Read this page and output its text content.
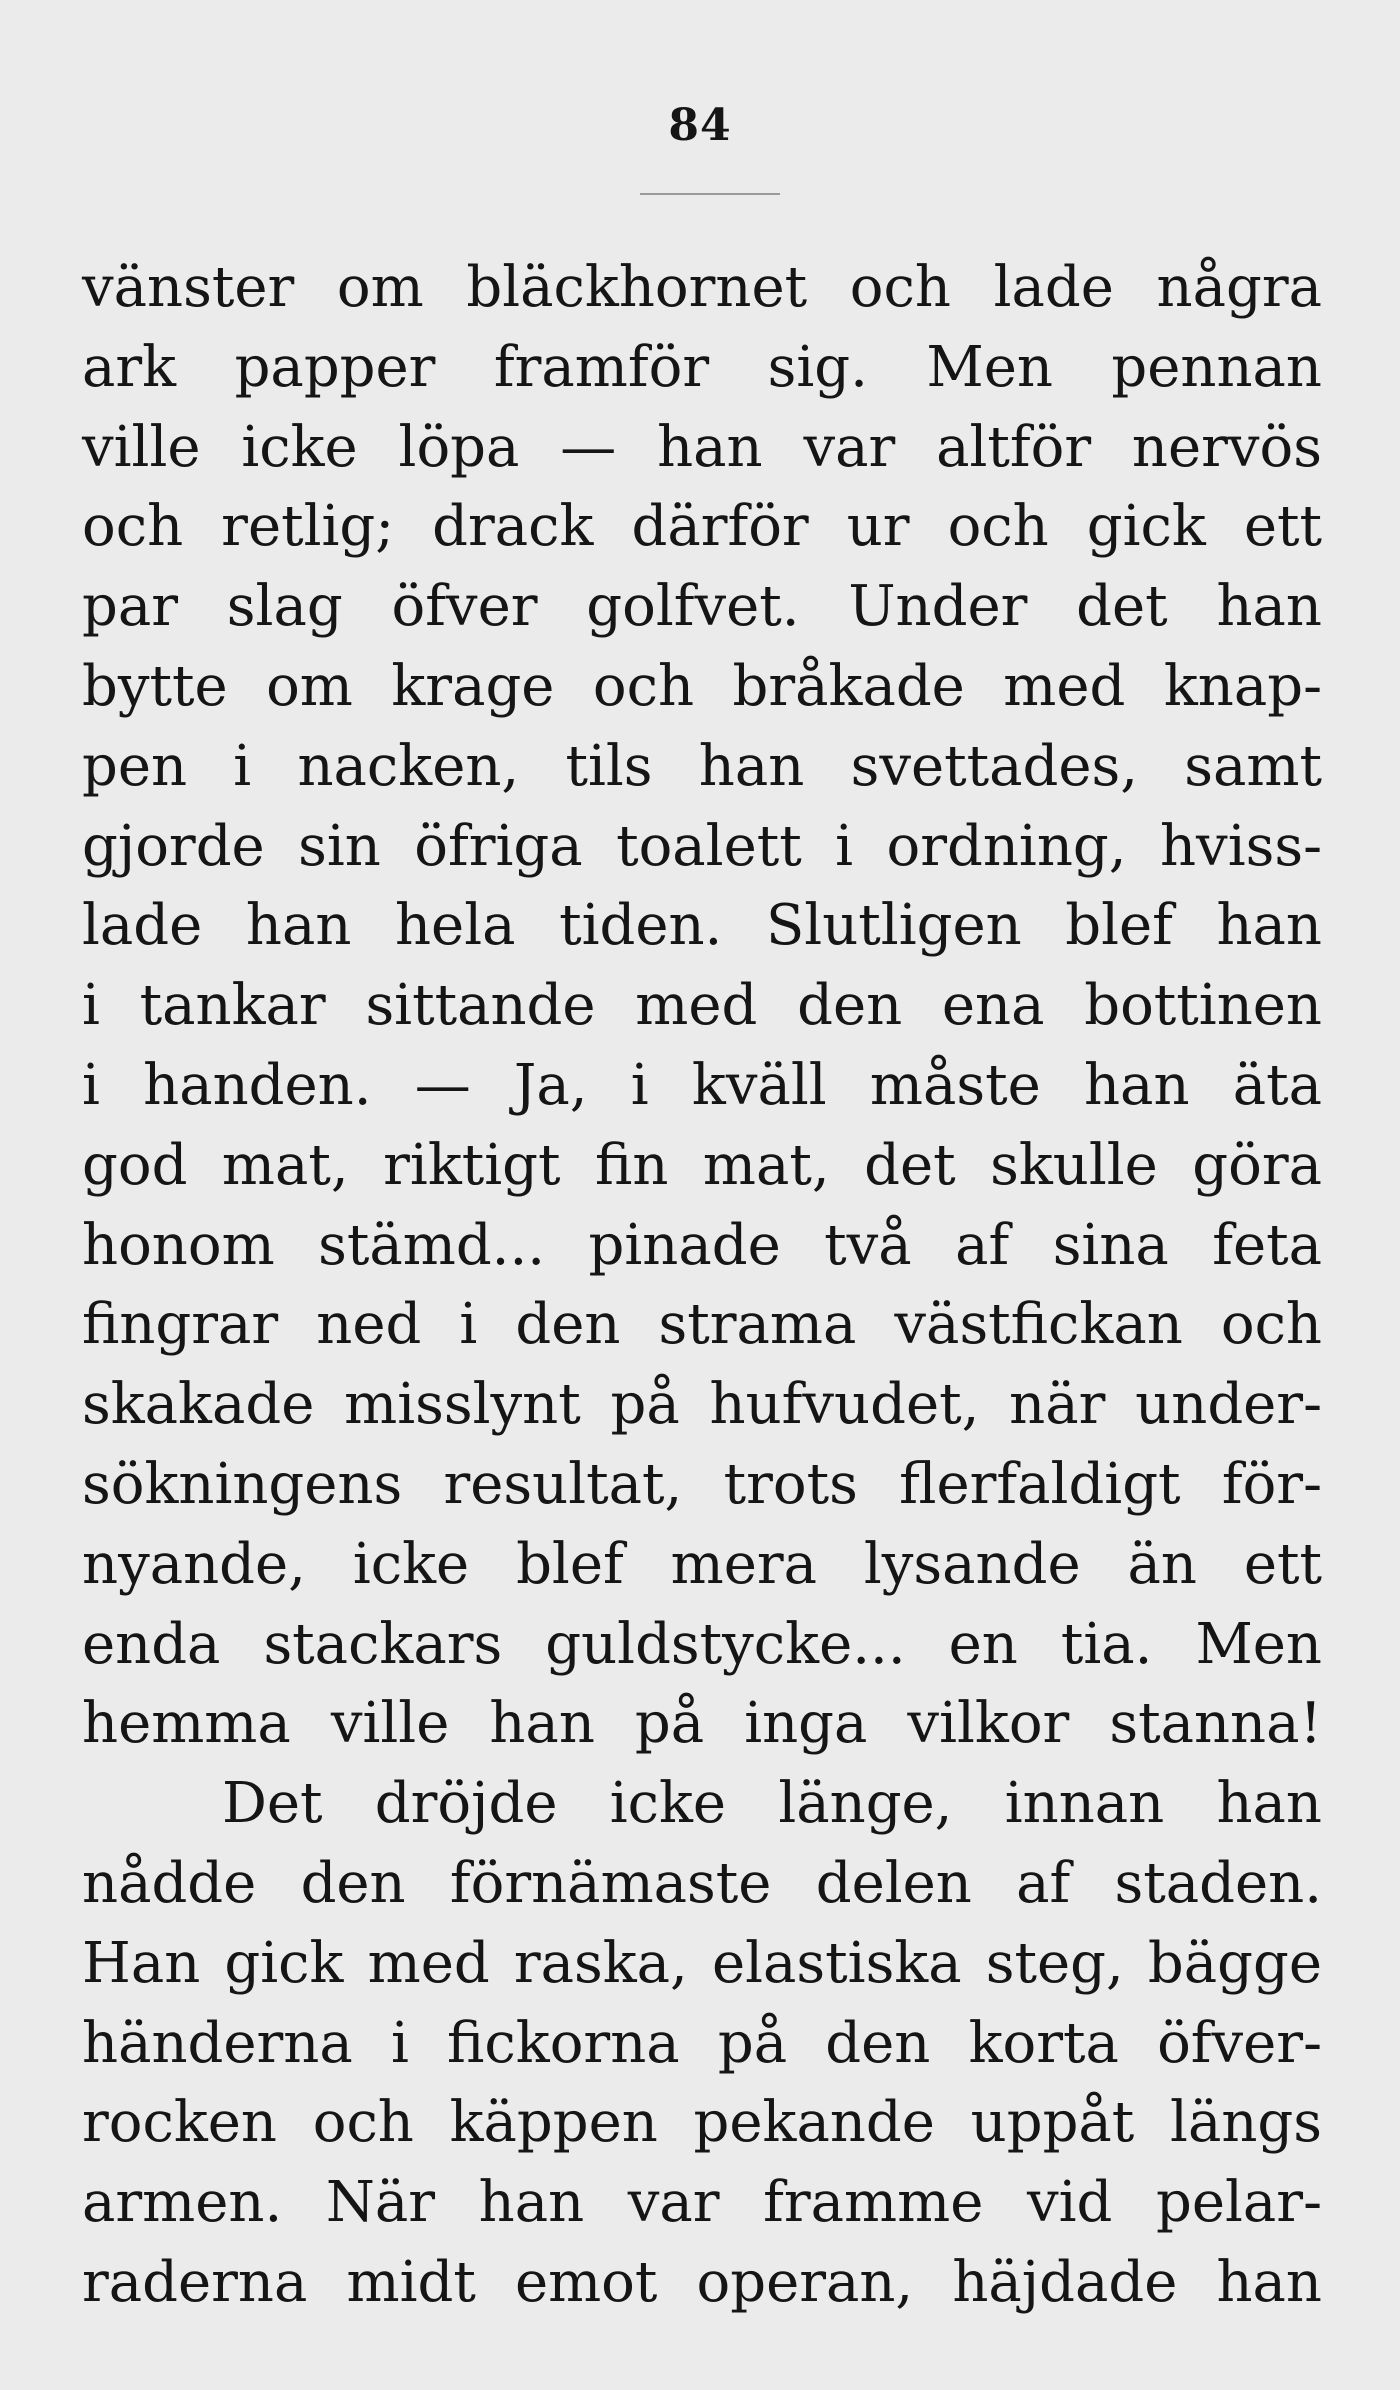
84
vänster om bläckhornet och lade några
ark papper framför sig. Men pennan
ville icke löpa — han var altför nervös
och retlig; drack därför ur och gick ett
par slag öfver golfvet. Under det han
bytte om krage och bråkade med knap-
pen i nacken, tils han svettades, samt
gjorde sin öfriga toalett i ordning, hviss-
lade han hela tiden. Slutligen blef han
i tankar sittande med den ena bottinen
i handen. — Ja, i kväll måste han äta
god mat, riktigt fin mat, det skulle göra
honom stämd... pinade två af sina feta
fingrar ned i den strama västfickan och
skakade misslynt på hufvudet, när under-
sökningens resultat, trots flerfaldigt för-
nyande, icke blef mera lysande än ett
enda stackars guldstycke... en tia. Men
hemma ville han på inga vilkor stanna!
Det dröjde icke länge, innan han
nådde den förnämaste delen af staden.
Han gick med raska, elastiska steg, bägge
händerna i fickorna på den korta öfver-
rocken och käppen pekande uppåt längs
armen. När han var framme vid pelar-
raderna midt emot operan, häjdade han
